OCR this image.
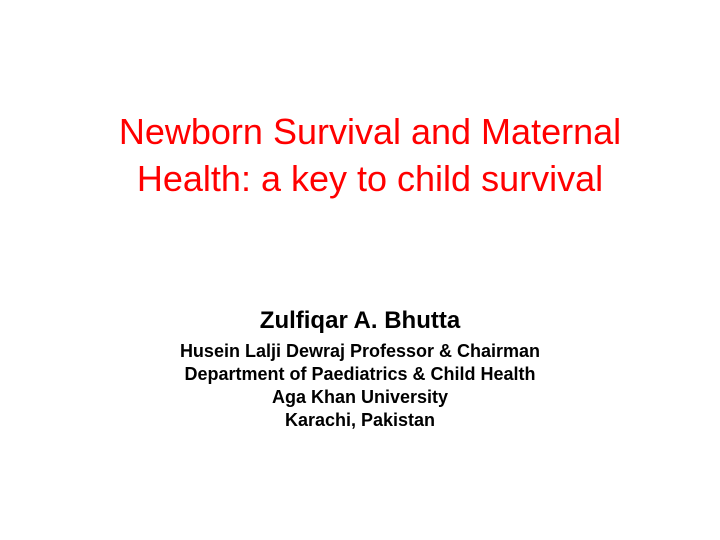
Newborn Survival and Maternal
Health: a key to child survival
Zulfiqar A. Bhutta
Husein Lalji Dewraj Professor & Chairman
Department of Paediatrics & Child Health
Aga Khan University
Karachi, Pakistan
